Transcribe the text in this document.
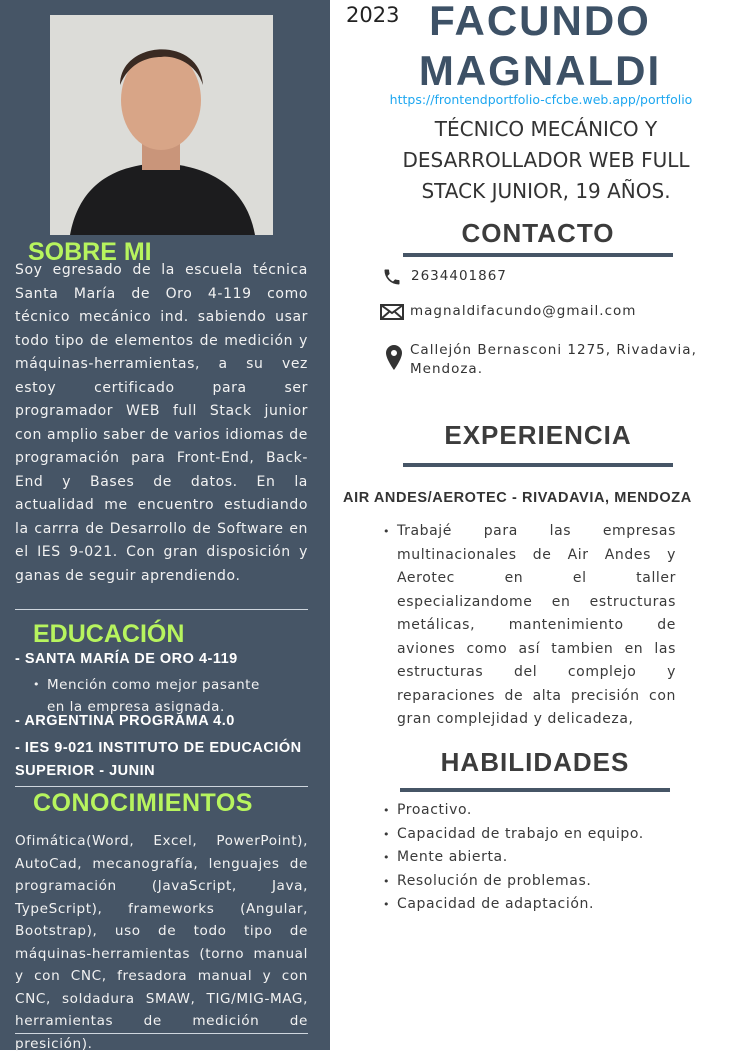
SOBRE MI

Soy egresado de la escuela técnica Santa María de Oro 4-119 como técnico mecánico ind. sabiendo usar todo tipo de elementos de medición y máquinas-herramientas, a su vez estoy certificado para ser programador WEB full Stack junior con amplio saber de varios idiomas de programación para Front-End, Back-End y Bases de datos. En la actualidad me encuentro estudiando la carrra de Desarrollo de Software en el IES 9-021. Con gran disposición y ganas de seguir aprendiendo.

EDUCACIÓN
- SANTA MARÍA DE ORO 4-119
• Mención como mejor pasante en la empresa asignada.
- ARGENTINA PROGRAMA 4.0
- IES 9-021 INSTITUTO DE EDUCACIÓN SUPERIOR - JUNIN
CONOCIMIENTOS

Ofimática(Word, Excel, PowerPoint), AutoCad, mecanografía, lenguajes de programación (JavaScript, Java, TypeScript), frameworks (Angular, Bootstrap), uso de todo tipo de máquinas-herramientas (torno manual y con CNC, fresadora manual y con CNC, soldadura SMAW, TIG/MIG-MAG, herramientas de medición de presición).

2023 FACUNDO
MAGNALDI
https://frontendportfolio-cfcbe.web.app/portfolio
TÉCNICO MECÁNICO Y DESARROLLADOR WEB FULL STACK JUNIOR, 19 AÑOS.
CONTACTO
2634401867
magnaldifacundo@gmail.com
Callejón Bernasconi 1275, Rivadavia, Mendoza.
EXPERIENCIA
AIR ANDES/AEROTEC - RIVADAVIA, MENDOZA
• Trabajé para las empresas multinacionales de Air Andes y Aerotec en el taller especializandome en estructuras metálicas, mantenimiento de aviones como así tambien en las estructuras del complejo y reparaciones de alta precisión con gran complejidad y delicadeza,
HABILIDADES
• Proactivo.
• Capacidad de trabajo en equipo.
• Mente abierta.
• Resolución de problemas.
• Capacidad de adaptación.
